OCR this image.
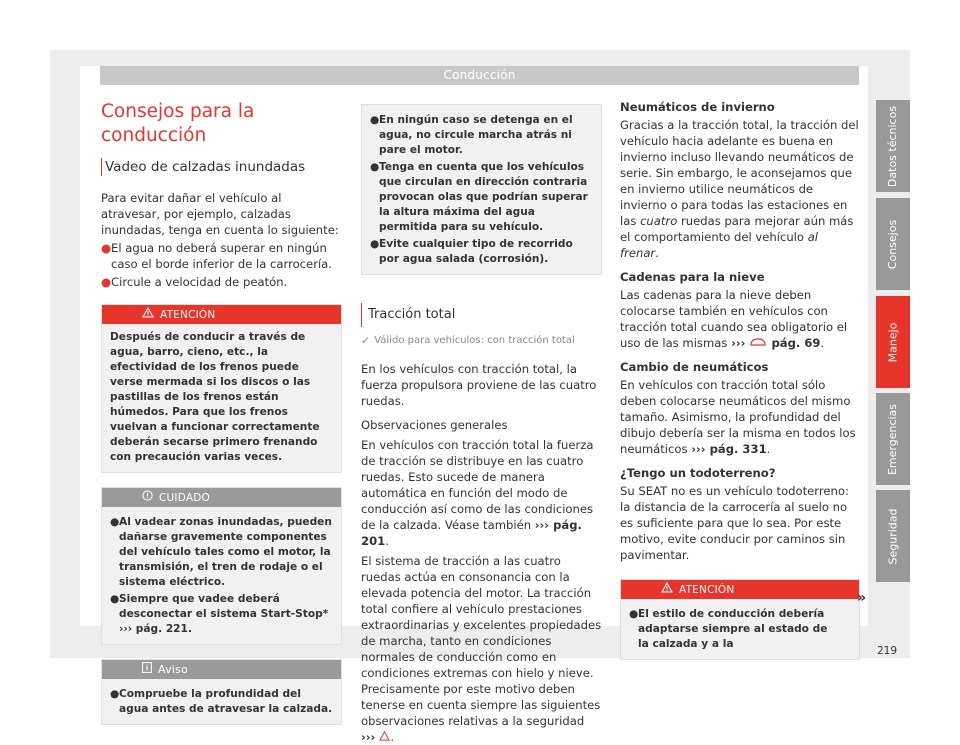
Conducción
Consejos para la conducción
Vadeo de calzadas inundadas

Para evitar dañar el vehículo al atravesar, por ejemplo, calzadas inundadas, tenga en cuenta lo siguiente:

● El agua no deberá superar en ningún caso el borde inferior de la carrocería.
● Circule a velocidad de peatón.
ATENCIÓN
Después de conducir a través de agua, barro, cieno, etc., la efectividad de los frenos puede verse mermada si los discos o las pastillas de los frenos están húmedos. Para que los frenos vuelvan a funcionar correctamente deberán secarse primero frenando con precaución varias veces.
CUIDADO
● Al vadear zonas inundadas, pueden dañarse gravemente componentes del vehículo tales como el motor, la transmisión, el tren de rodaje o el sistema eléctrico.
● Siempre que vadee deberá desconectar el sistema Start-Stop* ››› pág. 221.
Aviso
● Compruebe la profundidad del agua antes de atravesar la calzada.
● En ningún caso se detenga en el agua, no circule marcha atrás ni pare el motor.
● Tenga en cuenta que los vehículos que circulan en dirección contraria provocan olas que podrían superar la altura máxima del agua permitida para su vehículo.
● Evite cualquier tipo de recorrido por agua salada (corrosión).
Tracción total
✓ Válido para vehículos: con tracción total

En los vehículos con tracción total, la fuerza propulsora proviene de las cuatro ruedas.

Observaciones generales

En vehículos con tracción total la fuerza de tracción se distribuye en las cuatro ruedas. Esto sucede de manera automática en función del modo de conducción así como de las condiciones de la calzada. Véase también ››› pág. 201.

El sistema de tracción a las cuatro ruedas actúa en consonancia con la elevada potencia del motor. La tracción total confiere al vehículo prestaciones extraordinarias y excelentes propiedades de marcha, tanto en condiciones normales de conducción como en condiciones extremas con hielo y nieve. Precisamente por este motivo deben tenerse en cuenta siempre las siguientes observaciones relativas a la seguridad ››› .

Neumáticos de invierno

Gracias a la tracción total, la tracción del vehículo hacia adelante es buena en invierno incluso llevando neumáticos de serie. Sin embargo, le aconsejamos que en invierno utilice neumáticos de invierno o para todas las estaciones en las cuatro ruedas para mejorar aún más el comportamiento del vehículo al frenar.

Cadenas para la nieve

Las cadenas para la nieve deben colocarse también en vehículos con tracción total cuando sea obligatorio el uso de las mismas ›››  pág. 69.

Cambio de neumáticos

En vehículos con tracción total sólo deben colocarse neumáticos del mismo tamaño. Asimismo, la profundidad del dibujo debería ser la misma en todos los neumáticos ››› pág. 331.

¿Tengo un todoterreno?

Su SEAT no es un vehículo todoterreno: la distancia de la carrocería al suelo no es suficiente para que lo sea. Por este motivo, evite conducir por caminos sin pavimentar.

ATENCIÓN
● El estilo de conducción debería adaptarse siempre al estado de la calzada y a la
»
Datos técnicos
Consejos
Manejo
Emergencias
Seguridad
219
